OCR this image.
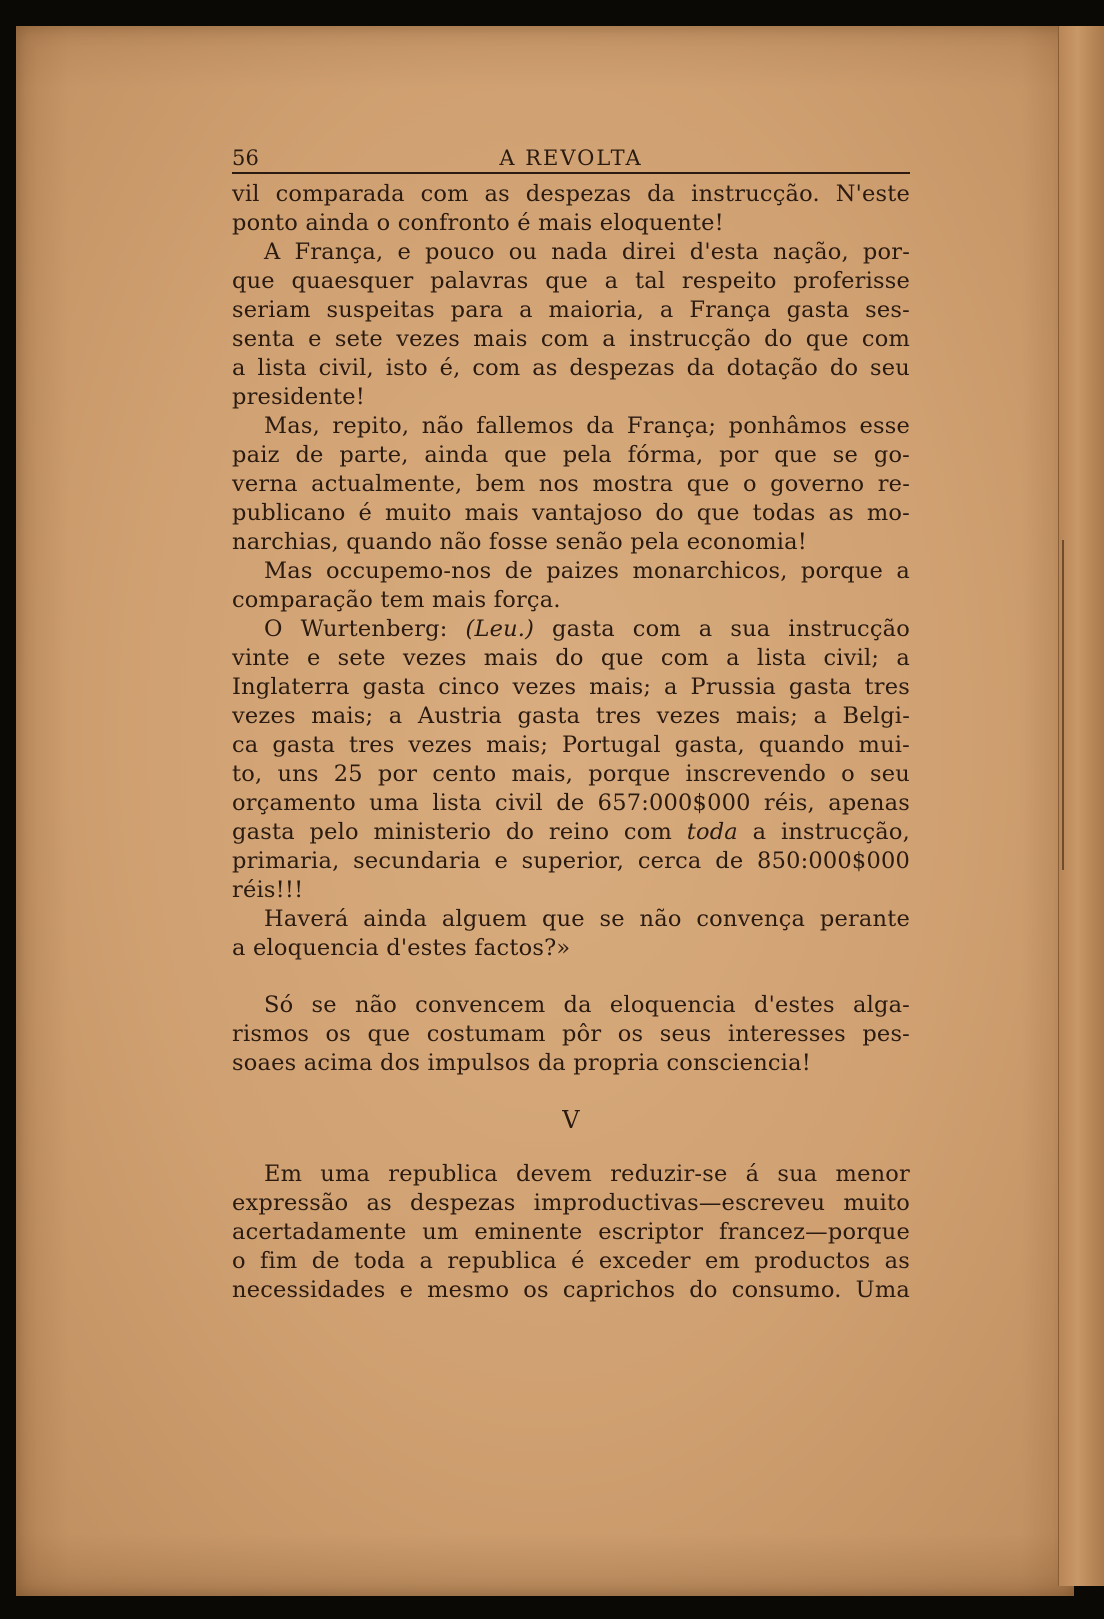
56	A REVOLTA
vil comparada com as despezas da instrucção. N'este
ponto ainda o confronto é mais eloquente!
A França, e pouco ou nada direi d'esta nação, por-
que quaesquer palavras que a tal respeito proferisse
seriam suspeitas para a maioria, a França gasta ses-
senta e sete vezes mais com a instrucção do que com
a lista civil, isto é, com as despezas da dotação do seu
presidente!
Mas, repito, não fallemos da França; ponhâmos esse
paiz de parte, ainda que pela fórma, por que se go-
verna actualmente, bem nos mostra que o governo re-
publicano é muito mais vantajoso do que todas as mo-
narchias, quando não fosse senão pela economia!
Mas occupemo-nos de paizes monarchicos, porque a
comparação tem mais força.
O Wurtenberg: (Leu.) gasta com a sua instrucção
vinte e sete vezes mais do que com a lista civil; a
Inglaterra gasta cinco vezes mais; a Prussia gasta tres
vezes mais; a Austria gasta tres vezes mais; a Belgi-
ca gasta tres vezes mais; Portugal gasta, quando mui-
to, uns 25 por cento mais, porque inscrevendo o seu
orçamento uma lista civil de 657:000$000 réis, apenas
gasta pelo ministerio do reino com toda a instrucção,
primaria, secundaria e superior, cerca de 850:000$000
réis!!!
Haverá ainda alguem que se não convença perante
a eloquencia d'estes factos?»
Só se não convencem da eloquencia d'estes alga-
rismos os que costumam pôr os seus interesses pes-
soaes acima dos impulsos da propria consciencia!
V
Em uma republica devem reduzir-se á sua menor
expressão as despezas improductivas—escreveu muito
acertadamente um eminente escriptor francez—porque
o fim de toda a republica é exceder em productos as
necessidades e mesmo os caprichos do consumo. Uma
